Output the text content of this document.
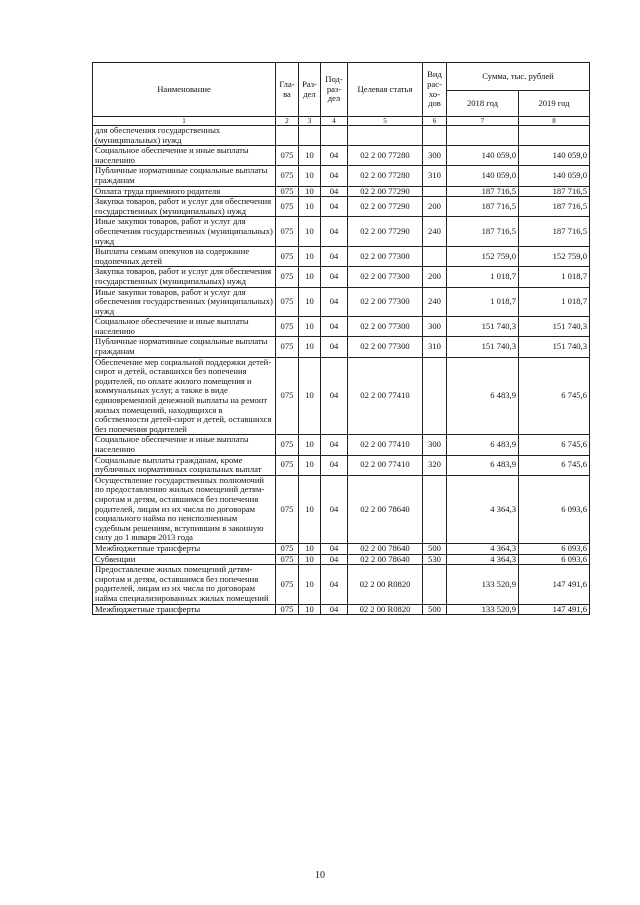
Наименование	Гла-ва	Раз-дел	Под-раз-дел	Целевая статья	Вид рас-хо-дов	Сумма, тыс. рублей	
						2018 год	2019 год
1	2	3	4	5	6	7	8
для обеспечения государственных (муниципальных) нужд							
Социальное обеспечение и иные выплаты населению	075	10	04	02 2 00 77280	300	140 059,0	140 059,0
Публичные нормативные социальные выплаты гражданам	075	10	04	02 2 00 77280	310	140 059,0	140 059,0
Оплата труда приемного родителя	075	10	04	02 2 00 77290		187 716,5	187 716,5
Закупка товаров, работ и услуг для обеспечения государственных (муниципальных) нужд	075	10	04	02 2 00 77290	200	187 716,5	187 716,5
Иные закупки товаров, работ и услуг для обеспечения государственных (муниципальных) нужд	075	10	04	02 2 00 77290	240	187 716,5	187 716,5
Выплаты семьям опекунов на содержание подопечных детей	075	10	04	02 2 00 77300		152 759,0	152 759,0
Закупка товаров, работ и услуг для обеспечения государственных (муниципальных) нужд	075	10	04	02 2 00 77300	200	1 018,7	1 018,7
Иные закупки товаров, работ и услуг для обеспечения государственных (муниципальных) нужд	075	10	04	02 2 00 77300	240	1 018,7	1 018,7
Социальное обеспечение и иные выплаты населению	075	10	04	02 2 00 77300	300	151 740,3	151 740,3
Публичные нормативные социальные выплаты гражданам	075	10	04	02 2 00 77300	310	151 740,3	151 740,3
Обеспечение мер социальной поддержки детей-сирот и детей, оставшихся без попечения родителей, по оплате жилого помещения и коммунальных услуг, а также в виде единовременной денежной выплаты на ремонт жилых помещений, находящихся в собственности детей-сирот и детей, оставшихся без попечения родителей	075	10	04	02 2 00 77410		6 483,9	6 745,6
Социальное обеспечение и иные выплаты населению	075	10	04	02 2 00 77410	300	6 483,9	6 745,6
Социальные выплаты гражданам, кроме публичных нормативных социальных выплат	075	10	04	02 2 00 77410	320	6 483,9	6 745,6
Осуществление государственных полномочий по предоставлению жилых помещений детям-сиротам и детям, оставшимся без попечения родителей, лицам из их числа по договорам социального найма по неисполненным судебным решениям, вступившим в законную силу до 1 января 2013 года	075	10	04	02 2 00 78640		4 364,3	6 093,6
Межбюджетные трансферты	075	10	04	02 2 00 78640	500	4 364,3	6 093,6
Субвенции	075	10	04	02 2 00 78640	530	4 364,3	6 093,6
Предоставление жилых помещений детям-сиротам и детям, оставшимся без попечения родителей, лицам из их числа по договорам найма специализированных жилых помещений	075	10	04	02 2 00 R0820		133 520,9	147 491,6
Межбюджетные трансферты	075	10	04	02 2 00 R0820	500	133 520,9	147 491,6
10
